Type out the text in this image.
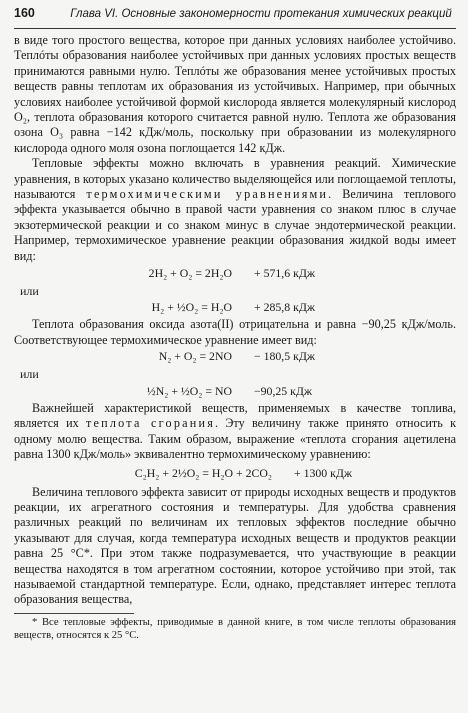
160	Глава VI. Основные закономерности протекания химических реакций

в виде того простого вещества, которое при данных условиях наиболее устойчиво. Теплóты образования наиболее устойчивых при данных условиях простых веществ принимаются равными нулю. Теплóты же образования менее устойчивых простых веществ равны теплотам их образования из устойчивых. Например, при обычных условиях наиболее устойчивой формой кислорода является молекулярный кислород O₂, теплота образования которого считается равной нулю. Теплота же образования озона O₃ равна −142 кДж/моль, поскольку при образовании из молекулярного кислорода одного моля озона поглощается 142 кДж.

Тепловые эффекты можно включать в уравнения реакций. Химические уравнения, в которых указано количество выделяющейся или поглощаемой теплоты, называются термохимическими уравнениями. Величина теплового эффекта указывается обычно в правой части уравнения со знаком плюс в случае экзотермической реакции и со знаком минус в случае эндотермической реакции. Например, термохимическое уравнение реакции образования жидкой воды имеет вид:

2H₂ + O₂ = 2H₂O	+ 571,6 кДж
или
H₂ + ½O₂ = H₂O	+ 285,8 кДж

Теплота образования оксида азота(II) отрицательна и равна −90,25 кДж/моль. Соответствующее термохимическое уравнение имеет вид:

N₂ + O₂ = 2NO	− 180,5 кДж
или
½N₂ + ½O₂ = NO	−90,25 кДж

Важнейшей характеристикой веществ, применяемых в качестве топлива, является их теплота сгорания. Эту величину также принято относить к одному молю вещества. Таким образом, выражение «теплота сгорания ацетилена равна 1300 кДж/моль» эквивалентно термохимическому уравнению:

C₂H₂ + 2½O₂ = H₂O + 2CO₂	+ 1300 кДж

Величина теплового эффекта зависит от природы исходных веществ и продуктов реакции, их агрегатного состояния и температуры. Для удобства сравнения различных реакций по величинам их тепловых эффектов последние обычно указывают для случая, когда температура исходных веществ и продуктов реакции равна 25 °C*. При этом также подразумевается, что участвующие в реакции вещества находятся в том агрегатном состоянии, которое устойчиво при этой, так называемой стандартной температуре. Если, однако, представляет интерес теплота образования вещества,

* Все тепловые эффекты, приводимые в данной книге, в том числе теплоты образования веществ, относятся к 25 °C.
